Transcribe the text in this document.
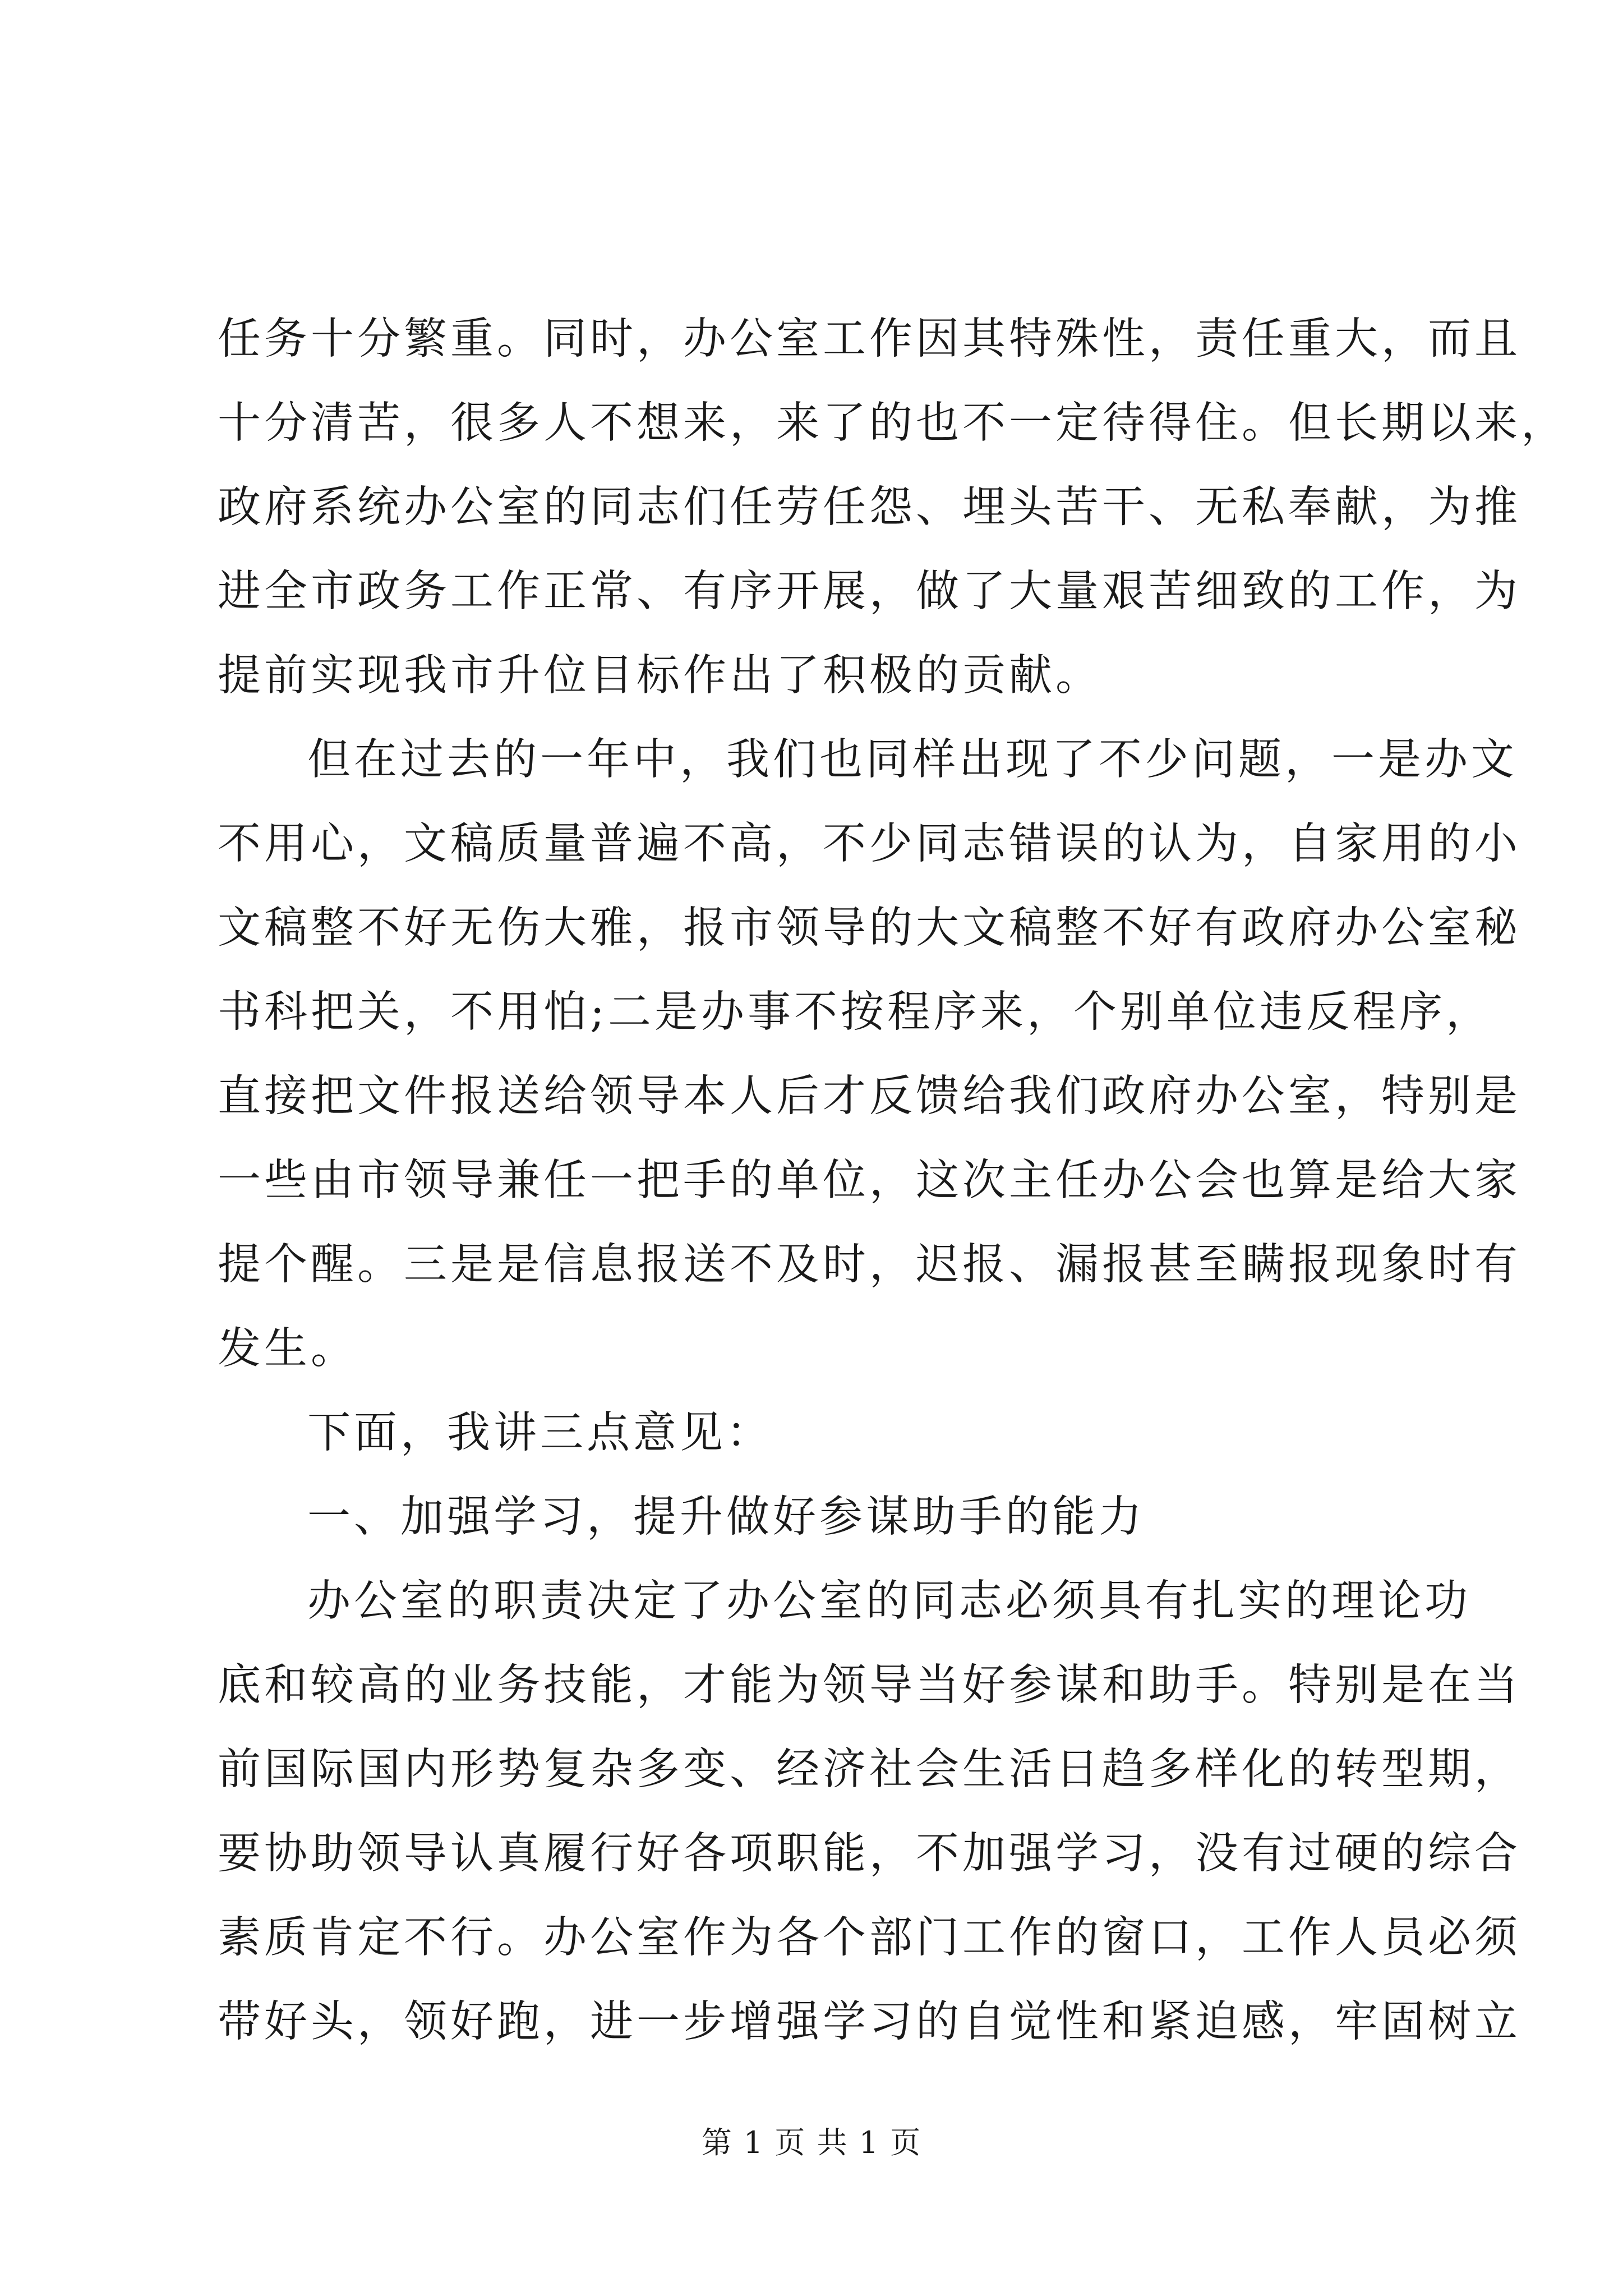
任务十分繁重。同时，办公室工作因其特殊性，责任重大，而且
十分清苦，很多人不想来，来了的也不一定待得住。但长期以来，
政府系统办公室的同志们任劳任怨、埋头苦干、无私奉献，为推
进全市政务工作正常、有序开展，做了大量艰苦细致的工作，为
提前实现我市升位目标作出了积极的贡献。
但在过去的一年中，我们也同样出现了不少问题，一是办文
不用心，文稿质量普遍不高，不少同志错误的认为，自家用的小
文稿整不好无伤大雅，报市领导的大文稿整不好有政府办公室秘
书科把关，不用怕;二是办事不按程序来，个别单位违反程序，
直接把文件报送给领导本人后才反馈给我们政府办公室，特别是
一些由市领导兼任一把手的单位，这次主任办公会也算是给大家
提个醒。三是是信息报送不及时，迟报、漏报甚至瞒报现象时有
发生。
下面，我讲三点意见：
一、加强学习，提升做好参谋助手的能力
办公室的职责决定了办公室的同志必须具有扎实的理论功
底和较高的业务技能，才能为领导当好参谋和助手。特别是在当
前国际国内形势复杂多变、经济社会生活日趋多样化的转型期，
要协助领导认真履行好各项职能，不加强学习，没有过硬的综合
素质肯定不行。办公室作为各个部门工作的窗口，工作人员必须
带好头，领好跑，进一步增强学习的自觉性和紧迫感，牢固树立
第 1 页 共 1 页
